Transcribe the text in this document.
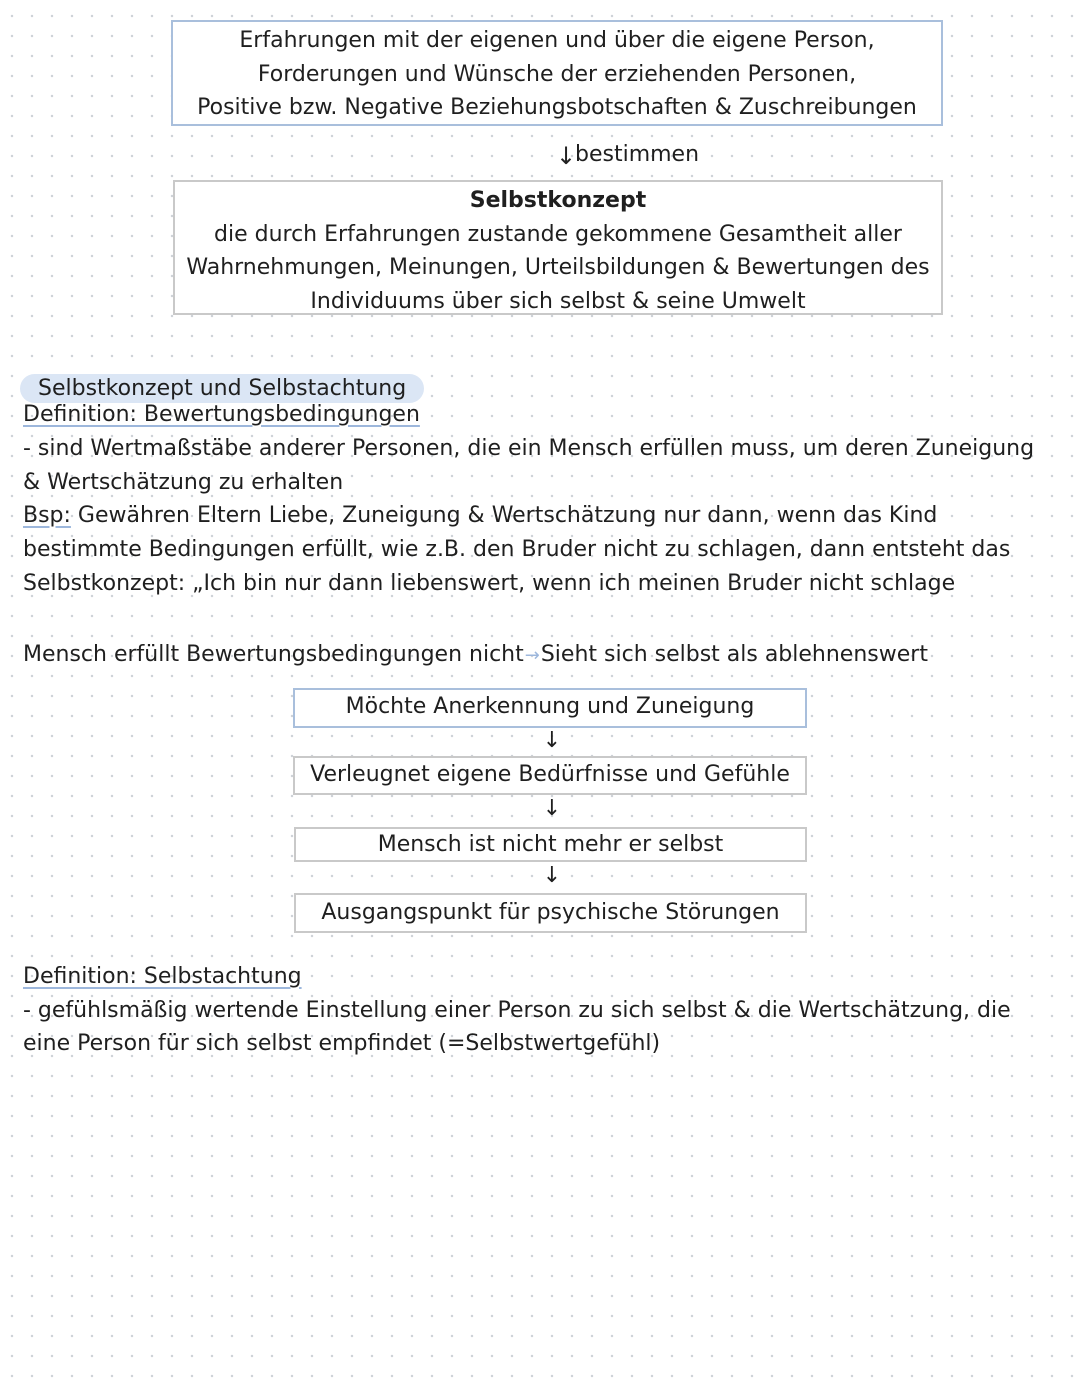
Erfahrungen mit der eigenen und über die eigene Person,
Forderungen und Wünsche der erziehenden Personen,
Positive bzw. Negative Beziehungsbotschaften & Zuschreibungen
↓
bestimmen
Selbstkonzept
die durch Erfahrungen zustande gekommene Gesamtheit aller
Wahrnehmungen, Meinungen, Urteilsbildungen & Bewertungen des
Individuums über sich selbst & seine Umwelt
Selbstkonzept und Selbstachtung
Definition: Bewertungsbedingungen
- sind Wertmaßstäbe anderer Personen, die ein Mensch erfüllen muss, um deren Zuneigung
& Wertschätzung zu erhalten
Bsp: Gewähren Eltern Liebe, Zuneigung & Wertschätzung nur dann, wenn das Kind
bestimmte Bedingungen erfüllt, wie z.B. den Bruder nicht zu schlagen, dann entsteht das
Selbstkonzept: „Ich bin nur dann liebenswert, wenn ich meinen Bruder nicht schlage
Mensch erfüllt Bewertungsbedingungen nicht→Sieht sich selbst als ablehnenswert
Möchte Anerkennung und Zuneigung
↓
Verleugnet eigene Bedürfnisse und Gefühle
↓
Mensch ist nicht mehr er selbst
↓
Ausgangspunkt für psychische Störungen
Definition: Selbstachtung
- gefühlsmäßig wertende Einstellung einer Person zu sich selbst & die Wertschätzung, die
eine Person für sich selbst empfindet (=Selbstwertgefühl)
